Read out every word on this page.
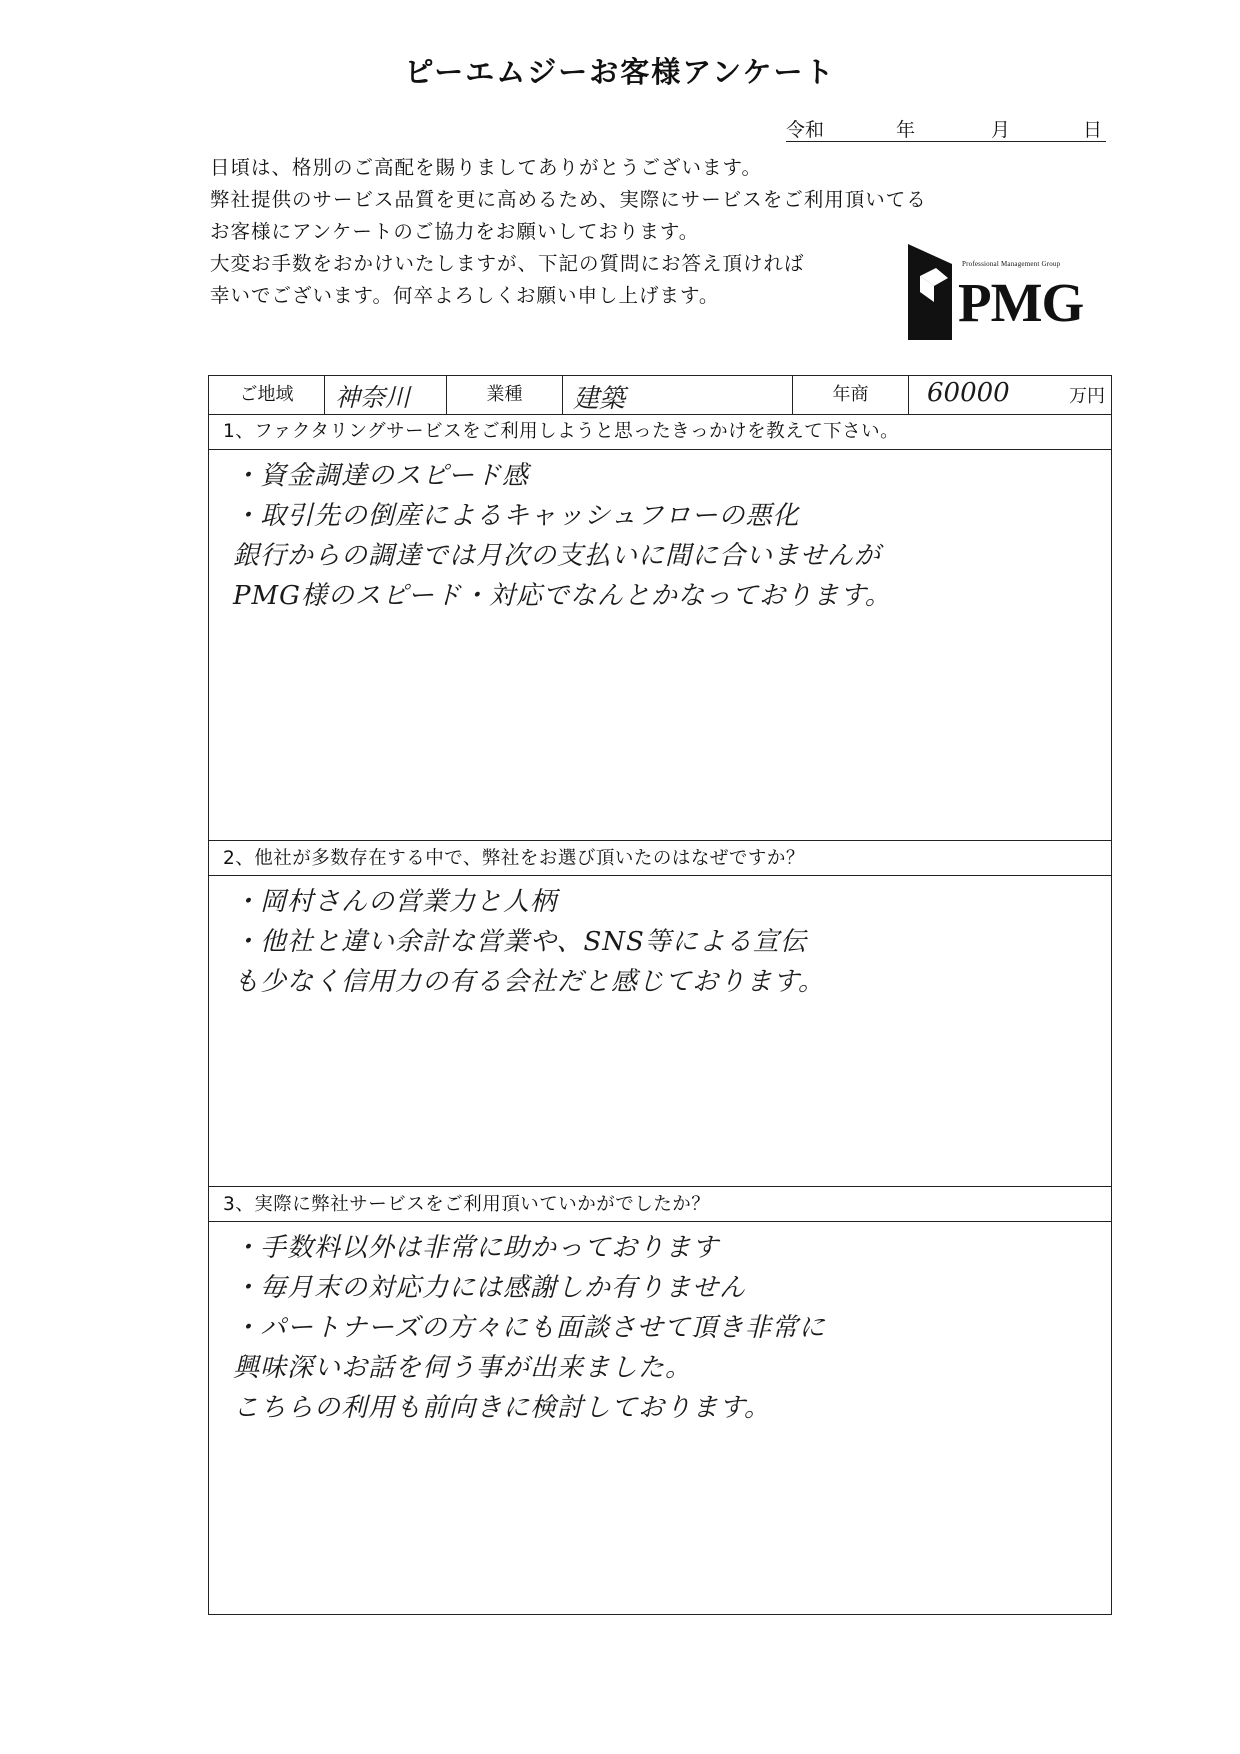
ピーエムジーお客様アンケート
令和	年	月	日
日頃は、格別のご高配を賜りましてありがとうございます。
弊社提供のサービス品質を更に高めるため、実際にサービスをご利用頂いてる
お客様にアンケートのご協力をお願いしております。
大変お手数をおかけいたしますが、下記の質問にお答え頂ければ
幸いでございます。何卒よろしくお願い申し上げます。
Professional Management Group
PMG
ご地域	神奈川	業種	建築	年商	60000	万円
1、ファクタリングサービスをご利用しようと思ったきっかけを教えて下さい。
・資金調達のスピード感
・取引先の倒産によるキャッシュフローの悪化
銀行からの調達では月次の支払いに間に合いませんが
PMG様のスピード・対応でなんとかなっております。
2、他社が多数存在する中で、弊社をお選び頂いたのはなぜですか？
・岡村さんの営業力と人柄
・他社と違い余計な営業や、SNS等による宣伝
も少なく信用力の有る会社だと感じております。
3、実際に弊社サービスをご利用頂いていかがでしたか？
・手数料以外は非常に助かっております
・毎月末の対応力には感謝しか有りません
・パートナーズの方々にも面談させて頂き非常に
興味深いお話を伺う事が出来ました。
こちらの利用も前向きに検討しております。
